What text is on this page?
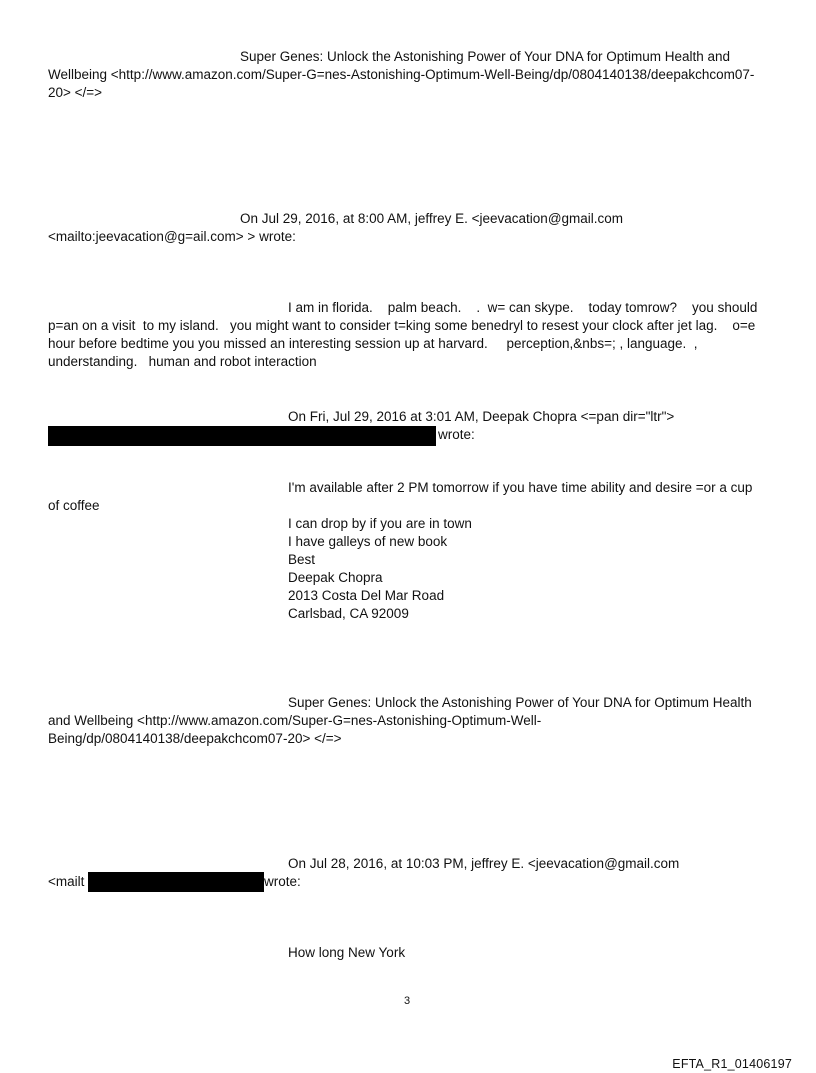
Super Genes: Unlock the Astonishing Power of Your DNA for Optimum Health and
Wellbeing <http://www.amazon.com/Super-G=nes-Astonishing-Optimum-Well-Being/dp/0804140138/deepakchcom07-
20> </=>
On Jul 29, 2016, at 8:00 AM, jeffrey E. <jeevacation@gmail.com
<mailto:jeevacation@g=ail.com> > wrote:
I am in florida.    palm beach.    .  w= can skype.    today tomrow?    you should
p=an on a visit  to my island.   you might want to consider t=king some benedryl to resest your clock after jet lag.    o=e
hour before bedtime you you missed an interesting session up at harvard.     perception,&nbs=; , language.  ,
understanding.   human and robot interaction
On Fri, Jul 29, 2016 at 3:01 AM, Deepak Chopra <=pan dir="ltr">
wrote:
I'm available after 2 PM tomorrow if you have time ability and desire =or a cup
of coffee
I can drop by if you are in town
I have galleys of new book
Best
Deepak Chopra
2013 Costa Del Mar Road
Carlsbad, CA 92009
Super Genes: Unlock the Astonishing Power of Your DNA for Optimum Health
and Wellbeing <http://www.amazon.com/Super-G=nes-Astonishing-Optimum-Well-
Being/dp/0804140138/deepakchcom07-20> </=>
On Jul 28, 2016, at 10:03 PM, jeffrey E. <jeevacation@gmail.com
<mailt	wrote:
How long New York
3
EFTA_R1_01406197
